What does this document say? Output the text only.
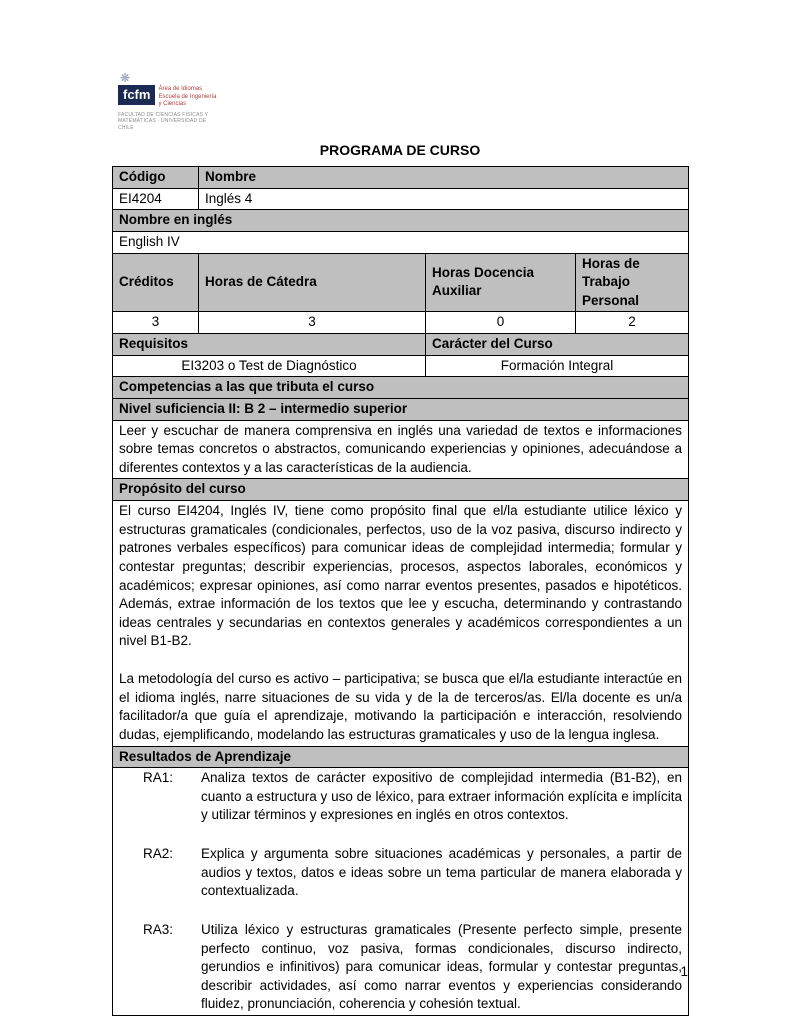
❋
fcfm	Área de Idiomas
Escuela de Ingeniería
y Ciencias
FACULTAD DE CIENCIAS FÍSICAS Y MATEMÁTICAS · UNIVERSIDAD DE CHILE
PROGRAMA DE CURSO
Código	Nombre		
EI4204	Inglés 4		
Nombre en inglés			
English IV			
Créditos	Horas de Cátedra	Horas Docencia Auxiliar	Horas de Trabajo Personal
3	3	0	2
Requisitos		Carácter del Curso	
EI3203 o Test de Diagnóstico		Formación Integral	
Competencias a las que tributa el curso			
Nivel suficiencia II: B 2 – intermedio superior			
Leer y escuchar de manera comprensiva en inglés una variedad de textos e informaciones sobre temas concretos o abstractos, comunicando experiencias y opiniones, adecuándose a diferentes contextos y a las características de la audiencia.			
Propósito del curso			

El curso EI4204, Inglés IV, tiene como propósito final que el/la estudiante utilice léxico y estructuras gramaticales (condicionales, perfectos, uso de la voz pasiva, discurso indirecto y patrones verbales específicos) para comunicar ideas de complejidad intermedia; formular y contestar preguntas; describir experiencias, procesos, aspectos laborales, económicos y académicos; expresar opiniones, así como narrar eventos presentes, pasados e hipotéticos. Además, extrae información de los textos que lee y escucha, determinando y contrastando ideas centrales y secundarias en contextos generales y académicos correspondientes a un nivel B1-B2.
La metodología del curso es activo – participativa; se busca que el/la estudiante interactúe en el idioma inglés, narre situaciones de su vida y de la de terceros/as. El/la docente es un/a facilitador/a que guía el aprendizaje, motivando la participación e interacción, resolviendo dudas, ejemplificando, modelando las estructuras gramaticales y uso de la lengua inglesa.			

Resultados de Aprendizaje			

RA1:	Analiza textos de carácter expositivo de complejidad intermedia (B1-B2), en cuanto a estructura y uso de léxico, para extraer información explícita e implícita y utilizar términos y expresiones en inglés en otros contextos.
RA2:	Explica y argumenta sobre situaciones académicas y personales, a partir de audios y textos, datos e ideas sobre un tema particular de manera elaborada y contextualizada.
RA3:	Utiliza léxico y estructuras gramaticales (Presente perfecto simple, presente perfecto continuo, voz pasiva, formas condicionales, discurso indirecto, gerundios e infinitivos) para comunicar ideas, formular y contestar preguntas, describir actividades, así como narrar eventos y experiencias considerando fluidez, pronunciación, coherencia y cohesión textual.
1
